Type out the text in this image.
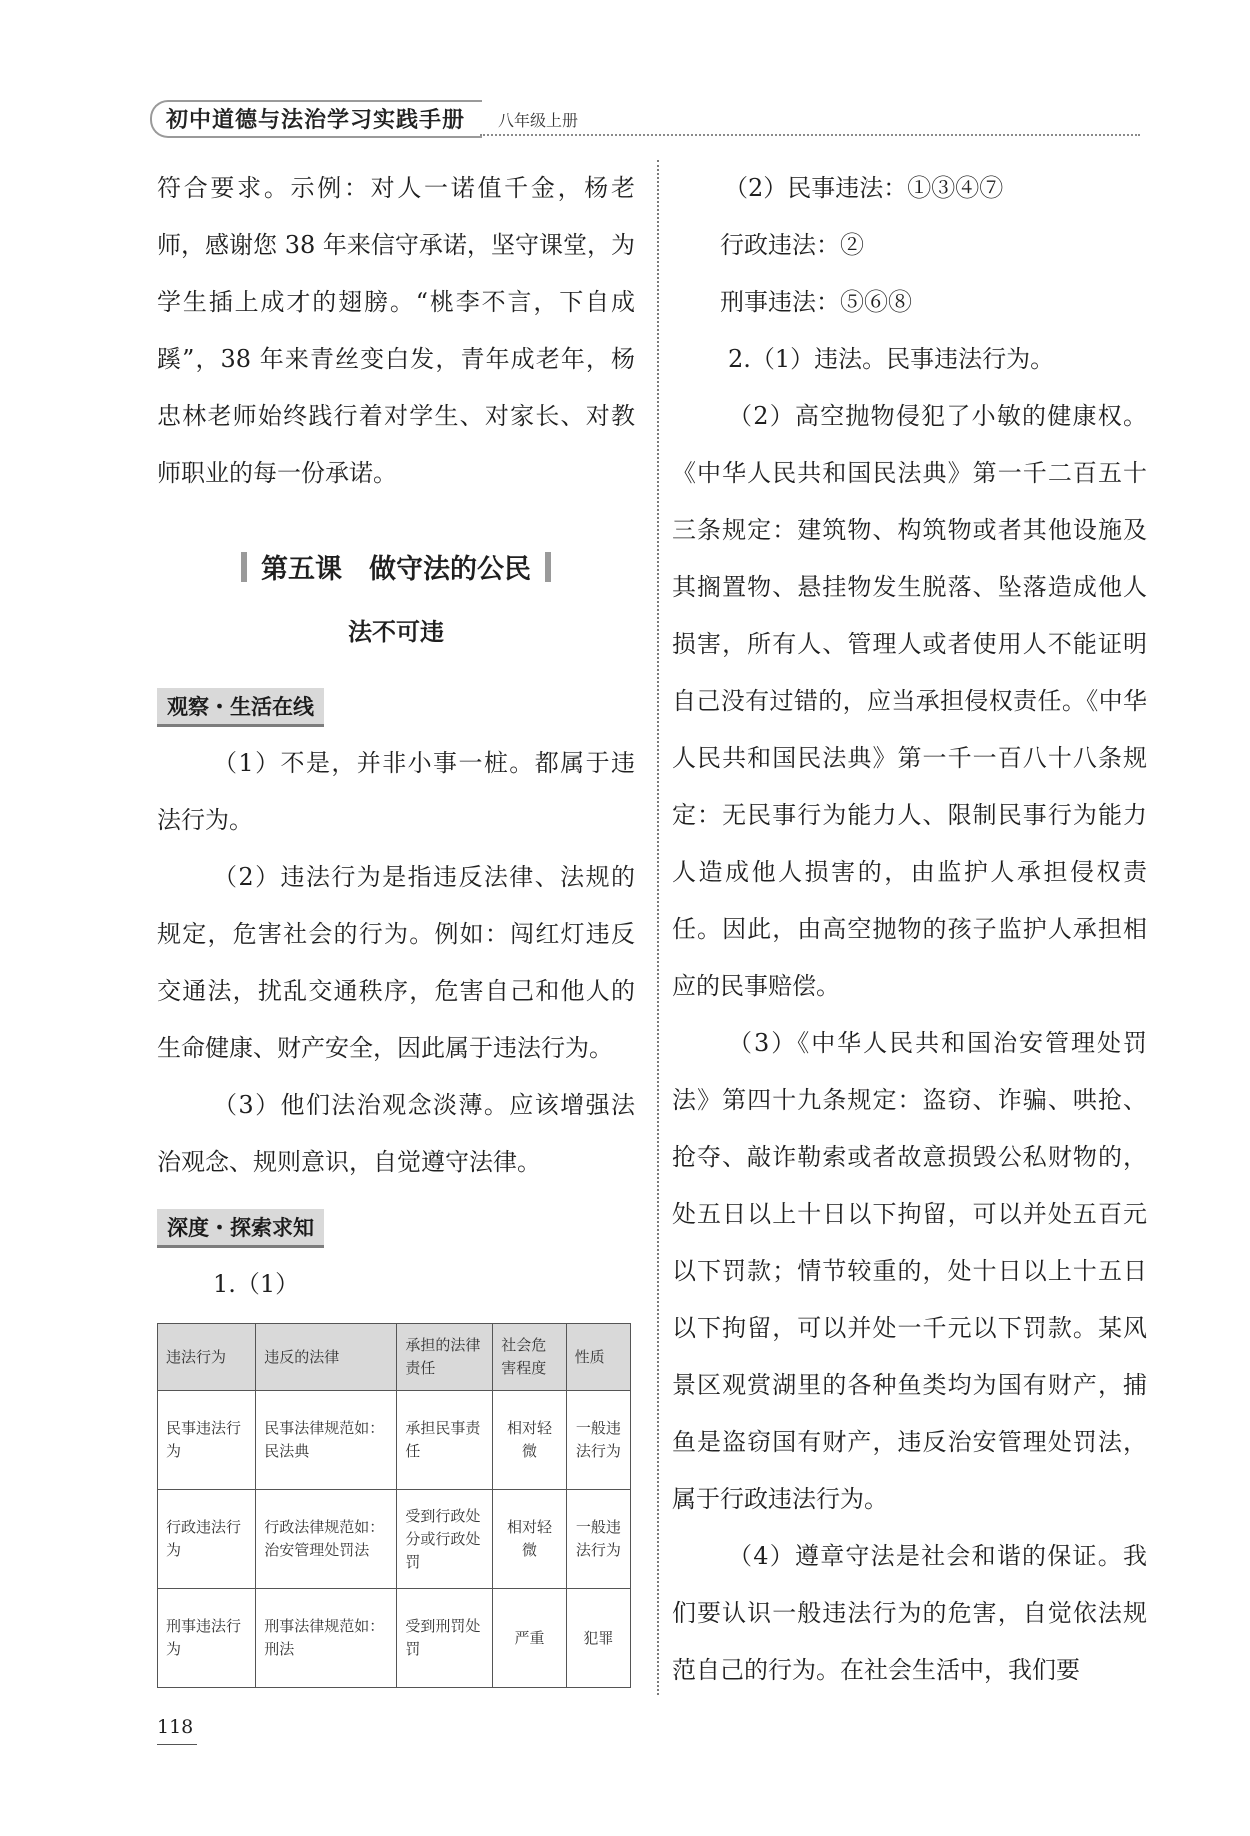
初中道德与法治学习实践手册 八年级上册

符合要求。示例：对人一诺值千金，杨老师，感谢您 38 年来信守承诺，坚守课堂，为学生插上成才的翅膀。“桃李不言，下自成蹊”，38 年来青丝变白发，青年成老年，杨忠林老师始终践行着对学生、对家长、对教师职业的每一份承诺。

第五课　做守法的公民
法不可违
观察・生活在线

（1）不是，并非小事一桩。都属于违法行为。

（2）违法行为是指违反法律、法规的规定，危害社会的行为。例如：闯红灯违反交通法，扰乱交通秩序，危害自己和他人的生命健康、财产安全，因此属于违法行为。

（3）他们法治观念淡薄。应该增强法治观念、规则意识，自觉遵守法律。

深度・探索求知

1.（1）

违法行为	违反的法律	承担的法律责任	社会危害程度	性质
民事违法行为	民事法律规范如：民法典	承担民事责任	相对轻微	一般违法行为
行政违法行为	行政法律规范如：治安管理处罚法	受到行政处分或行政处罚	相对轻微	一般违法行为
刑事违法行为	刑事法律规范如：刑法	受到刑罚处罚	严重	犯罪

（2）民事违法：①③④⑦

行政违法：②

刑事违法：⑤⑥⑧

2.（1）违法。民事违法行为。

（2）高空抛物侵犯了小敏的健康权。《中华人民共和国民法典》第一千二百五十三条规定：建筑物、构筑物或者其他设施及其搁置物、悬挂物发生脱落、坠落造成他人损害，所有人、管理人或者使用人不能证明自己没有过错的，应当承担侵权责任。《中华人民共和国民法典》第一千一百八十八条规定：无民事行为能力人、限制民事行为能力人造成他人损害的，由监护人承担侵权责任。因此，由高空抛物的孩子监护人承担相应的民事赔偿。

（3）《中华人民共和国治安管理处罚法》第四十九条规定：盗窃、诈骗、哄抢、抢夺、敲诈勒索或者故意损毁公私财物的，处五日以上十日以下拘留，可以并处五百元以下罚款；情节较重的，处十日以上十五日以下拘留，可以并处一千元以下罚款。某风景区观赏湖里的各种鱼类均为国有财产，捕鱼是盗窃国有财产，违反治安管理处罚法，属于行政违法行为。

（4）遵章守法是社会和谐的保证。我们要认识一般违法行为的危害，自觉依法规范自己的行为。在社会生活中，我们要

118
